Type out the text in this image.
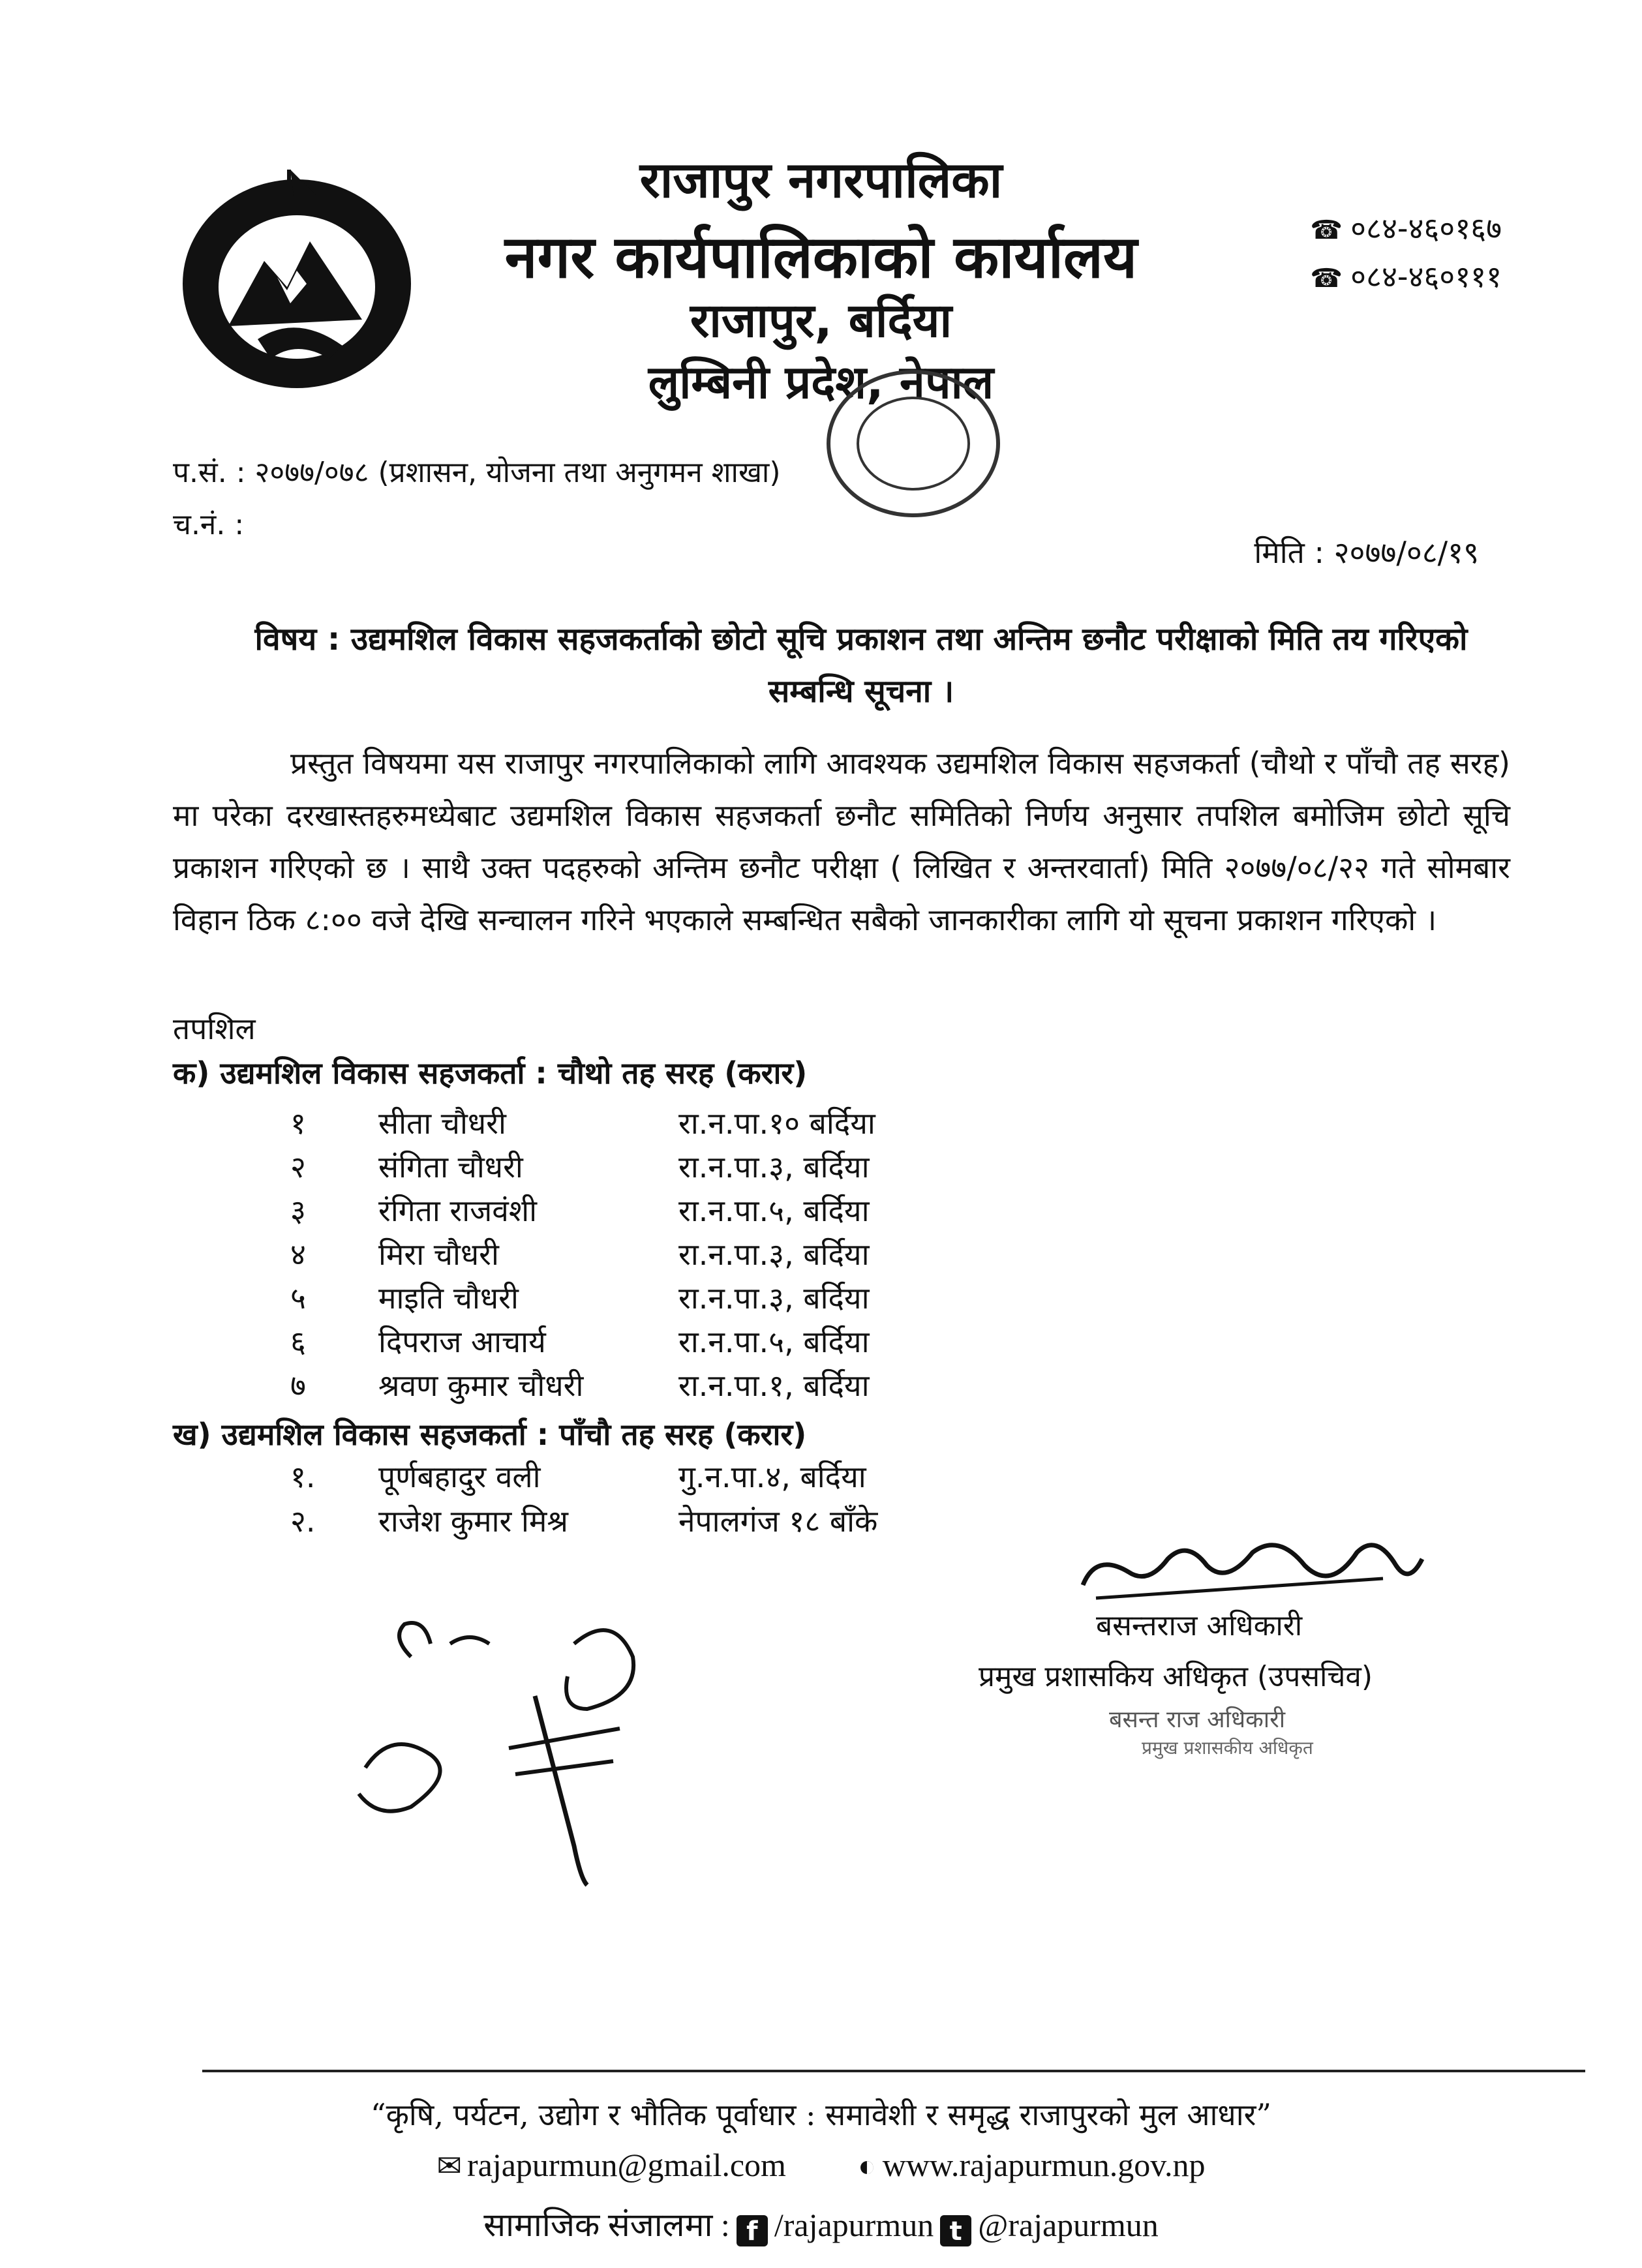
राजापुर नगरपालिका
नगर कार्यपालिकाको कार्यालय
राजापुर, बर्दिया
लुम्बिनी प्रदेश, नेपाल
☎ ०८४-४६०१६७
☎ ०८४-४६०१११
प.सं. : २०७७/०७८ (प्रशासन, योजना तथा अनुगमन शाखा)
च.नं. :
मिति : २०७७/०८/१९
विषय : उद्यमशिल विकास सहजकर्ताको छोटो सूचि प्रकाशन तथा अन्तिम छनौट परीक्षाको मिति तय गरिएको सम्बन्धि सूचना ।
प्रस्तुत विषयमा यस राजापुर नगरपालिकाको लागि आवश्यक उद्यमशिल विकास सहजकर्ता (चौथो र पाँचौ तह सरह) मा परेका दरखास्तहरुमध्येबाट उद्यमशिल विकास सहजकर्ता छनौट समितिको निर्णय अनुसार तपशिल बमोजिम छोटो सूचि प्रकाशन गरिएको छ । साथै उक्त पदहरुको अन्तिम छनौट परीक्षा ( लिखित र अन्तरवार्ता) मिति २०७७/०८/२२ गते सोमबार विहान ठिक ८:०० वजे देखि सन्चालन गरिने भएकाले सम्बन्धित सबैको जानकारीका लागि यो सूचना प्रकाशन गरिएको ।
तपशिल
क) उद्यमशिल विकास सहजकर्ता : चौथो तह सरह (करार)
१ सीता चौधरी	रा.न.पा.१० बर्दिया
२ संगिता चौधरी	रा.न.पा.३, बर्दिया
३ रंगिता राजवंशी	रा.न.पा.५, बर्दिया
४ मिरा चौधरी	रा.न.पा.३, बर्दिया
५ माइति चौधरी	रा.न.पा.३, बर्दिया
६ दिपराज आचार्य	रा.न.पा.५, बर्दिया
७ श्रवण कुमार चौधरी	रा.न.पा.१, बर्दिया
ख) उद्यमशिल विकास सहजकर्ता : पाँचौ तह सरह (करार)
१. पूर्णबहादुर वली	गु.न.पा.४, बर्दिया
२. राजेश कुमार मिश्र	नेपालगंज १८ बाँके
बसन्तराज अधिकारी
प्रमुख प्रशासकिय अधिकृत (उपसचिव)
बसन्त राज अधिकारी
प्रमुख प्रशासकीय अधिकृत
“कृषि, पर्यटन, उद्योग र भौतिक पूर्वाधार : समावेशी र समृद्ध राजापुरको मुल आधार”
✉ rajapurmun@gmail.com ◐ www.rajapurmun.gov.np
सामाजिक संजालमा : f /rajapurmun t @rajapurmun
